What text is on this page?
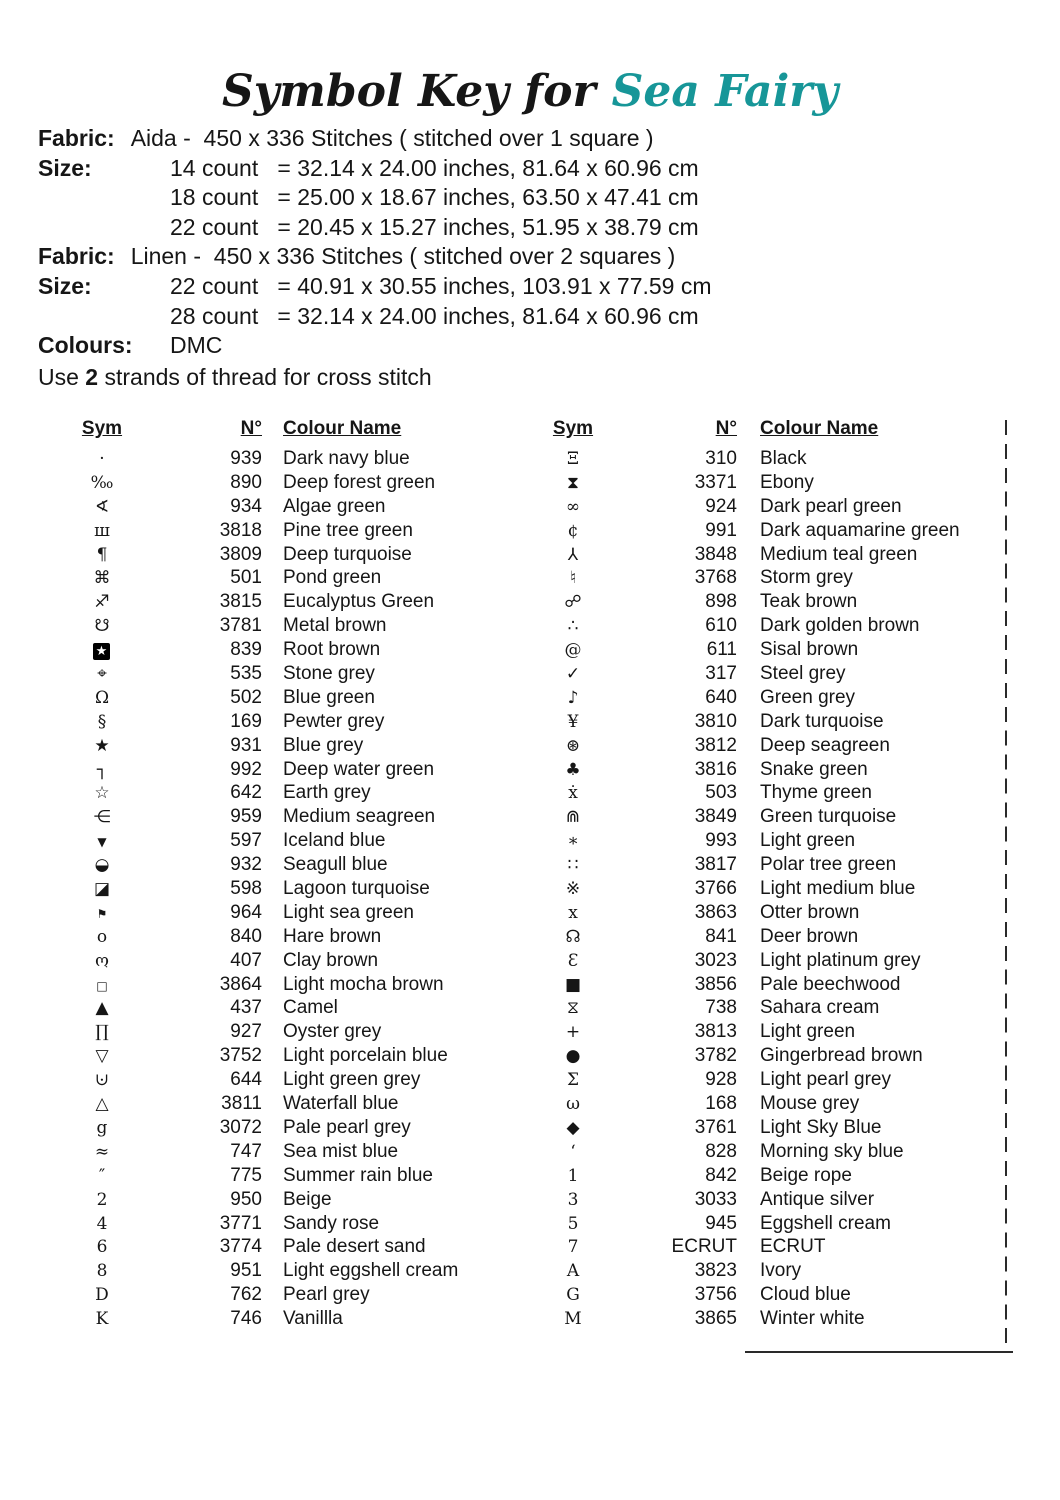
Symbol Key for Sea Fairy
Fabric: Aida -  450 x 336 Stitches ( stitched over 1 square )
Size:	14 count   = 32.14 x 24.00 inches, 81.64 x 60.96 cm
18 count   = 25.00 x 18.67 inches, 63.50 x 47.41 cm
22 count   = 20.45 x 15.27 inches, 51.95 x 38.79 cm
Fabric: Linen -  450 x 336 Stitches ( stitched over 2 squares )
Size:	22 count   = 40.91 x 30.55 inches, 103.91 x 77.59 cm
28 count   = 32.14 x 24.00 inches, 81.64 x 60.96 cm
Colours:	DMC
Use 2 strands of thread for cross stitch
Sym	N° Colour Name
·	939 Dark navy blue
‰	890 Deep forest green
∢	934 Algae green
ш	3818 Pine tree green
¶	3809 Deep turquoise
⌘	501 Pond green
♐	3815 Eucalyptus Green
☋	3781 Metal brown
★	839 Root brown
⌖	535 Stone grey
Ω	502 Blue green
§	169 Pewter grey
★	931 Blue grey
┐	992 Deep water green
☆	642 Earth grey
⋲	959 Medium seagreen
▼	597 Iceland blue
◒	932 Seagull blue
◪	598 Lagoon turquoise
⚑	964 Light sea green
o	840 Hare brown
ო	407 Clay brown
□	3864 Light mocha brown
▲	437 Camel
∏	927 Oyster grey
▽	3752 Light porcelain blue
⊍	644 Light green grey
△	3811 Waterfall blue
g	3072 Pale pearl grey
≈	747 Sea mist blue
″	775 Summer rain blue
2	950 Beige
4	3771 Sandy rose
6	3774 Pale desert sand
8	951 Light eggshell cream
D	762 Pearl grey
K	746 Vanillla
Sym	N° Colour Name
Ξ	310 Black
⧗	3371 Ebony
∞	924 Dark pearl green
¢	991 Dark aquamarine green
⅄	3848 Medium teal green
♮	3768 Storm grey
☍	898 Teak brown
∴	610 Dark golden brown
@	611 Sisal brown
✓	317 Steel grey
♪	640 Green grey
¥	3810 Dark turquoise
⊛	3812 Deep seagreen
♣	3816 Snake green
ẋ	503 Thyme green
⋒	3849 Green turquoise
∗	993 Light green
∷	3817 Polar tree green
※	3766 Light medium blue
x	3863 Otter brown
☊	841 Deer brown
Ɛ	3023 Light platinum grey
■	3856 Pale beechwood
⧖	738 Sahara cream
+	3813 Light green
●	3782 Gingerbread brown
Σ	928 Light pearl grey
ω	168 Mouse grey
◆	3761 Light Sky Blue
‘	828 Morning sky blue
1	842 Beige rope
3	3033 Antique silver
5	945 Eggshell cream
7	ECRUT ECRUT
A	3823 Ivory
G	3756 Cloud blue
M	3865 Winter white
